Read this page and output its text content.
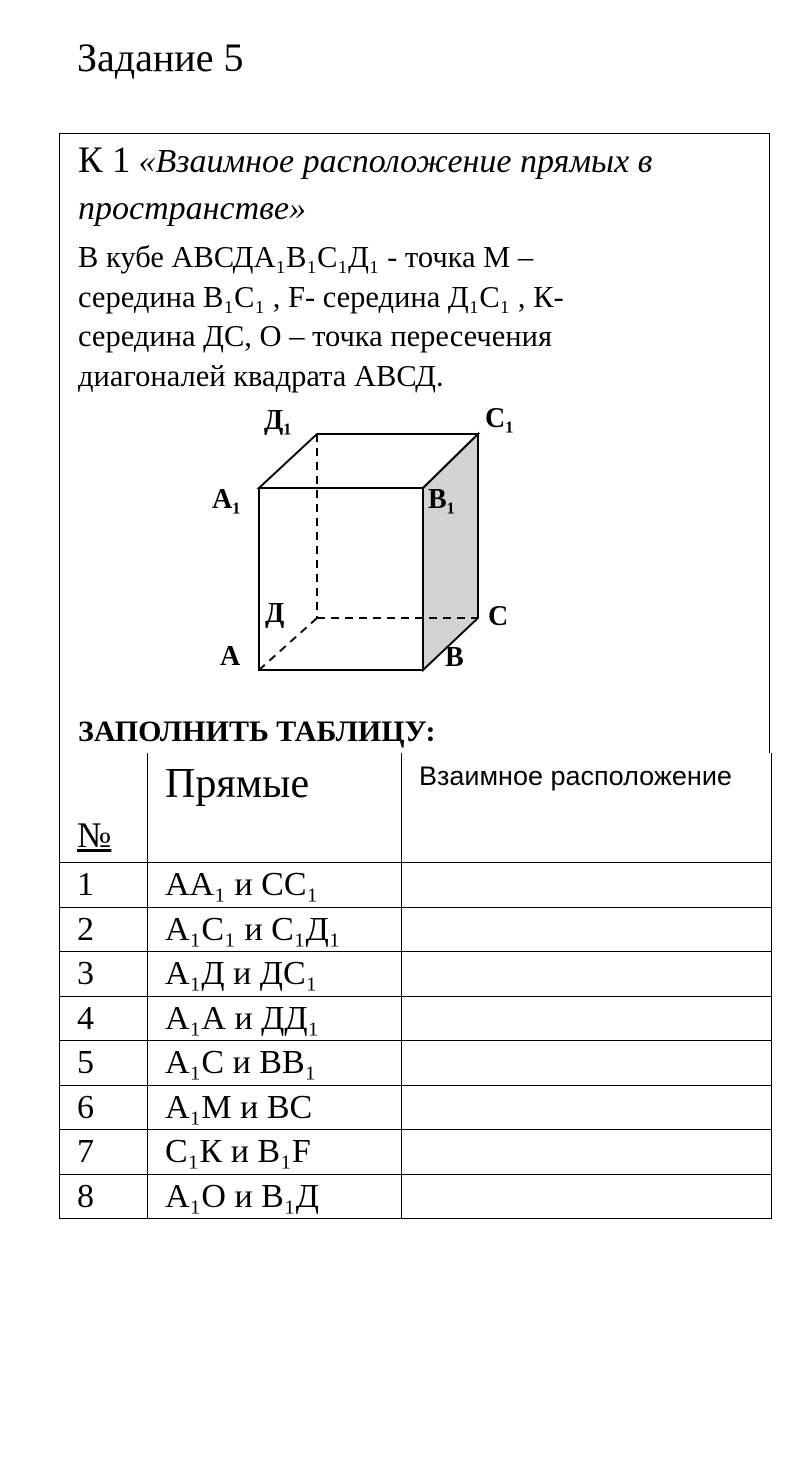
Задание 5
К 1 «Взаимное расположение прямых в пространстве»
В кубе АВСДА₁В₁С₁Д₁ - точка М –
середина В₁С₁ , F- середина Д₁С₁ , К-
середина ДС, О – точка пересечения
диагоналей квадрата АВСД.
Д₁	С₁
А₁	В₁
Д	С
А	В
ЗАПОЛНИТЬ ТАБЛИЦУ:
№	Прямые	Взаимное расположение
1	АА₁ и СС₁	
2	А₁С₁ и С₁Д₁	
3	А₁Д и ДС₁	
4	А₁А и ДД₁	
5	А₁С и ВВ₁	
6	А₁М и ВС	
7	С₁К и В₁F	
8	А₁О и В₁Д	
